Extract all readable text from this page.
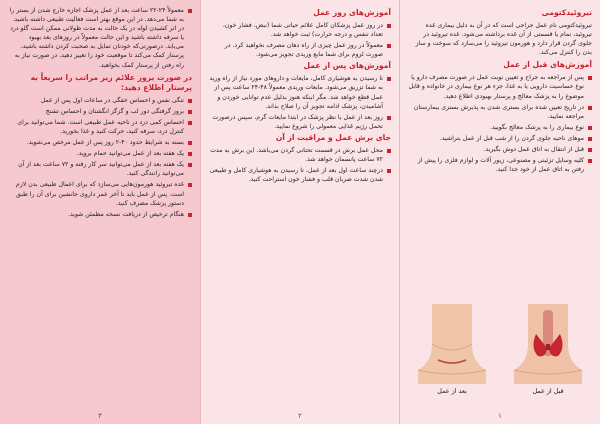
معمولاً ۲۴-۲۲ ساعت بعد از عمل پزشک اجازه خارج شدن از بستر را به شما می‌دهد. در این موقع بهتر است فعالیت طبیعی داشته باشید. در اثر کشیدن لوله در یک حالت به مدت طولانی ممکن است گلو درد یا سرفه داشته باشید و این حالت معمولاً در روزهای بعد بهبود می‌یابد. درصورتی‌که خودتان تمایل به صحبت کردن داشته باشید، پرستار کمک می‌کند تا موقعیت خود را تغییر دهید. در صورت نیاز به راه رفتن از پرستار کمک بخواهید.
در صورت بروز علائم زیر مراتب را سریعاً به پرستار اطلاع دهید:
تنگی نفس و احساس خفگی در ساعات اول پس از عمل
بروز گرفتگی دور لب و گزگز انگشتان و احساس تشنج
احساس کمی درد در ناحیه عمل طبیعی است. شما می‌توانید برای کنترل درد، سرفه کنید، حرکت کنید و غذا بخورید.
بسته به شرایط حدود ۴۰-۲ روز پس از عمل مرخص می‌شوید.
یک هفته بعد از عمل می‌توانید حمام بروید.
یک هفته بعد از عمل می‌توانید سر کار رفته و ۷۲ ساعت بعد از آن می‌توانید رانندگی کنید.
غده تیروئید هورمون‌هایی می‌سازد که برای اعمال طبیعی بدن لازم است. پس از عمل باید تا آخر عمر داروی جانشین برای آن را طبق دستور پزشک مصرف کنید.
هنگام ترخیص از دریافت نسخه مطمئن شوید.
۳
آموزش‌های روز عمل
در روز عمل پزشکان کامل علائم حیاتی شما (نبض، فشار خون، تعداد تنفس و درجه حرارت) ثبت خواهد شد.
معمولاً در روز عمل چیزی از راه دهان مصرف نخواهید کرد. در صورت لزوم برای شما مایع وریدی تجویز می‌شود.
آموزش‌های پس از عمل
تا رسیدن به هوشیاری کامل، مایعات و داروهای مورد نیاز از راه ورید به شما تزریق می‌شود. مایعات وریدی معمولاً ۴۸-۲۴ ساعت پس از عمل قطع خواهد شد. مگر اینکه هنوز بدلیل عدم توانایی خوردن و آشامیدن، پزشک ادامه تجویز آن را صلاح بداند.
روز بعد از عمل با نظر پزشک در ابتدا مایعات گرم، سپس درصورت تحمل رژیم غذایی معمولی را شروع نمایید.
جای برش عمل و مراقبت از آن
محل عمل برش در قسمت تحتانی گردن می‌باشد. این برش به مدت ۷۲ ساعت پانسمان خواهد شد.
درچند ساعت اول بعد از عمل، تا رسیدن به هوشیاری کامل و طبیعی شدن شدت ضربان قلب و فشار خون استراحت کنید.
۲
تیروئیدکتومی

تیروئیدکتومی نام عمل جراحی است که در آن به دلیل بیماری غده تیروئید، تمام یا قسمتی از آن غده برداشته می‌شود. غده تیروئید در جلوی گردن قرار دارد و هورمون تیروئید را می‌سازد که سوخت و ساز بدن را کنترل می‌کند.

آموزش‌های قبل از عمل
پس از مراجعه به جراح و تعیین نوبت عمل در صورت مصرف دارو یا نوع حساسیت دارویی یا به غذا، جزء هر نوع بیماری در خانواده و قابل موضوع را به پزشک معالج و پرستار بهبودی اطلاع دهید.
در تاریخ تعیین شده برای بستری شدن به پذیرش بستری بیمارستان مراجعه نمایید.
نوع بیماری را به پزشک معالج بگویید.
موهای ناحیه جلوی گردن را از شب قبل از عمل بتراشید.
قبل از انتقال به اتاق عمل دوش بگیرید.
کلیه وسایل تزئینی و مصنوعی، زیور آلات و لوازم فلزی را پیش از رفتن به اتاق عمل از خود جدا کنید.
بعد از عمل	قبل از عمل
۱
